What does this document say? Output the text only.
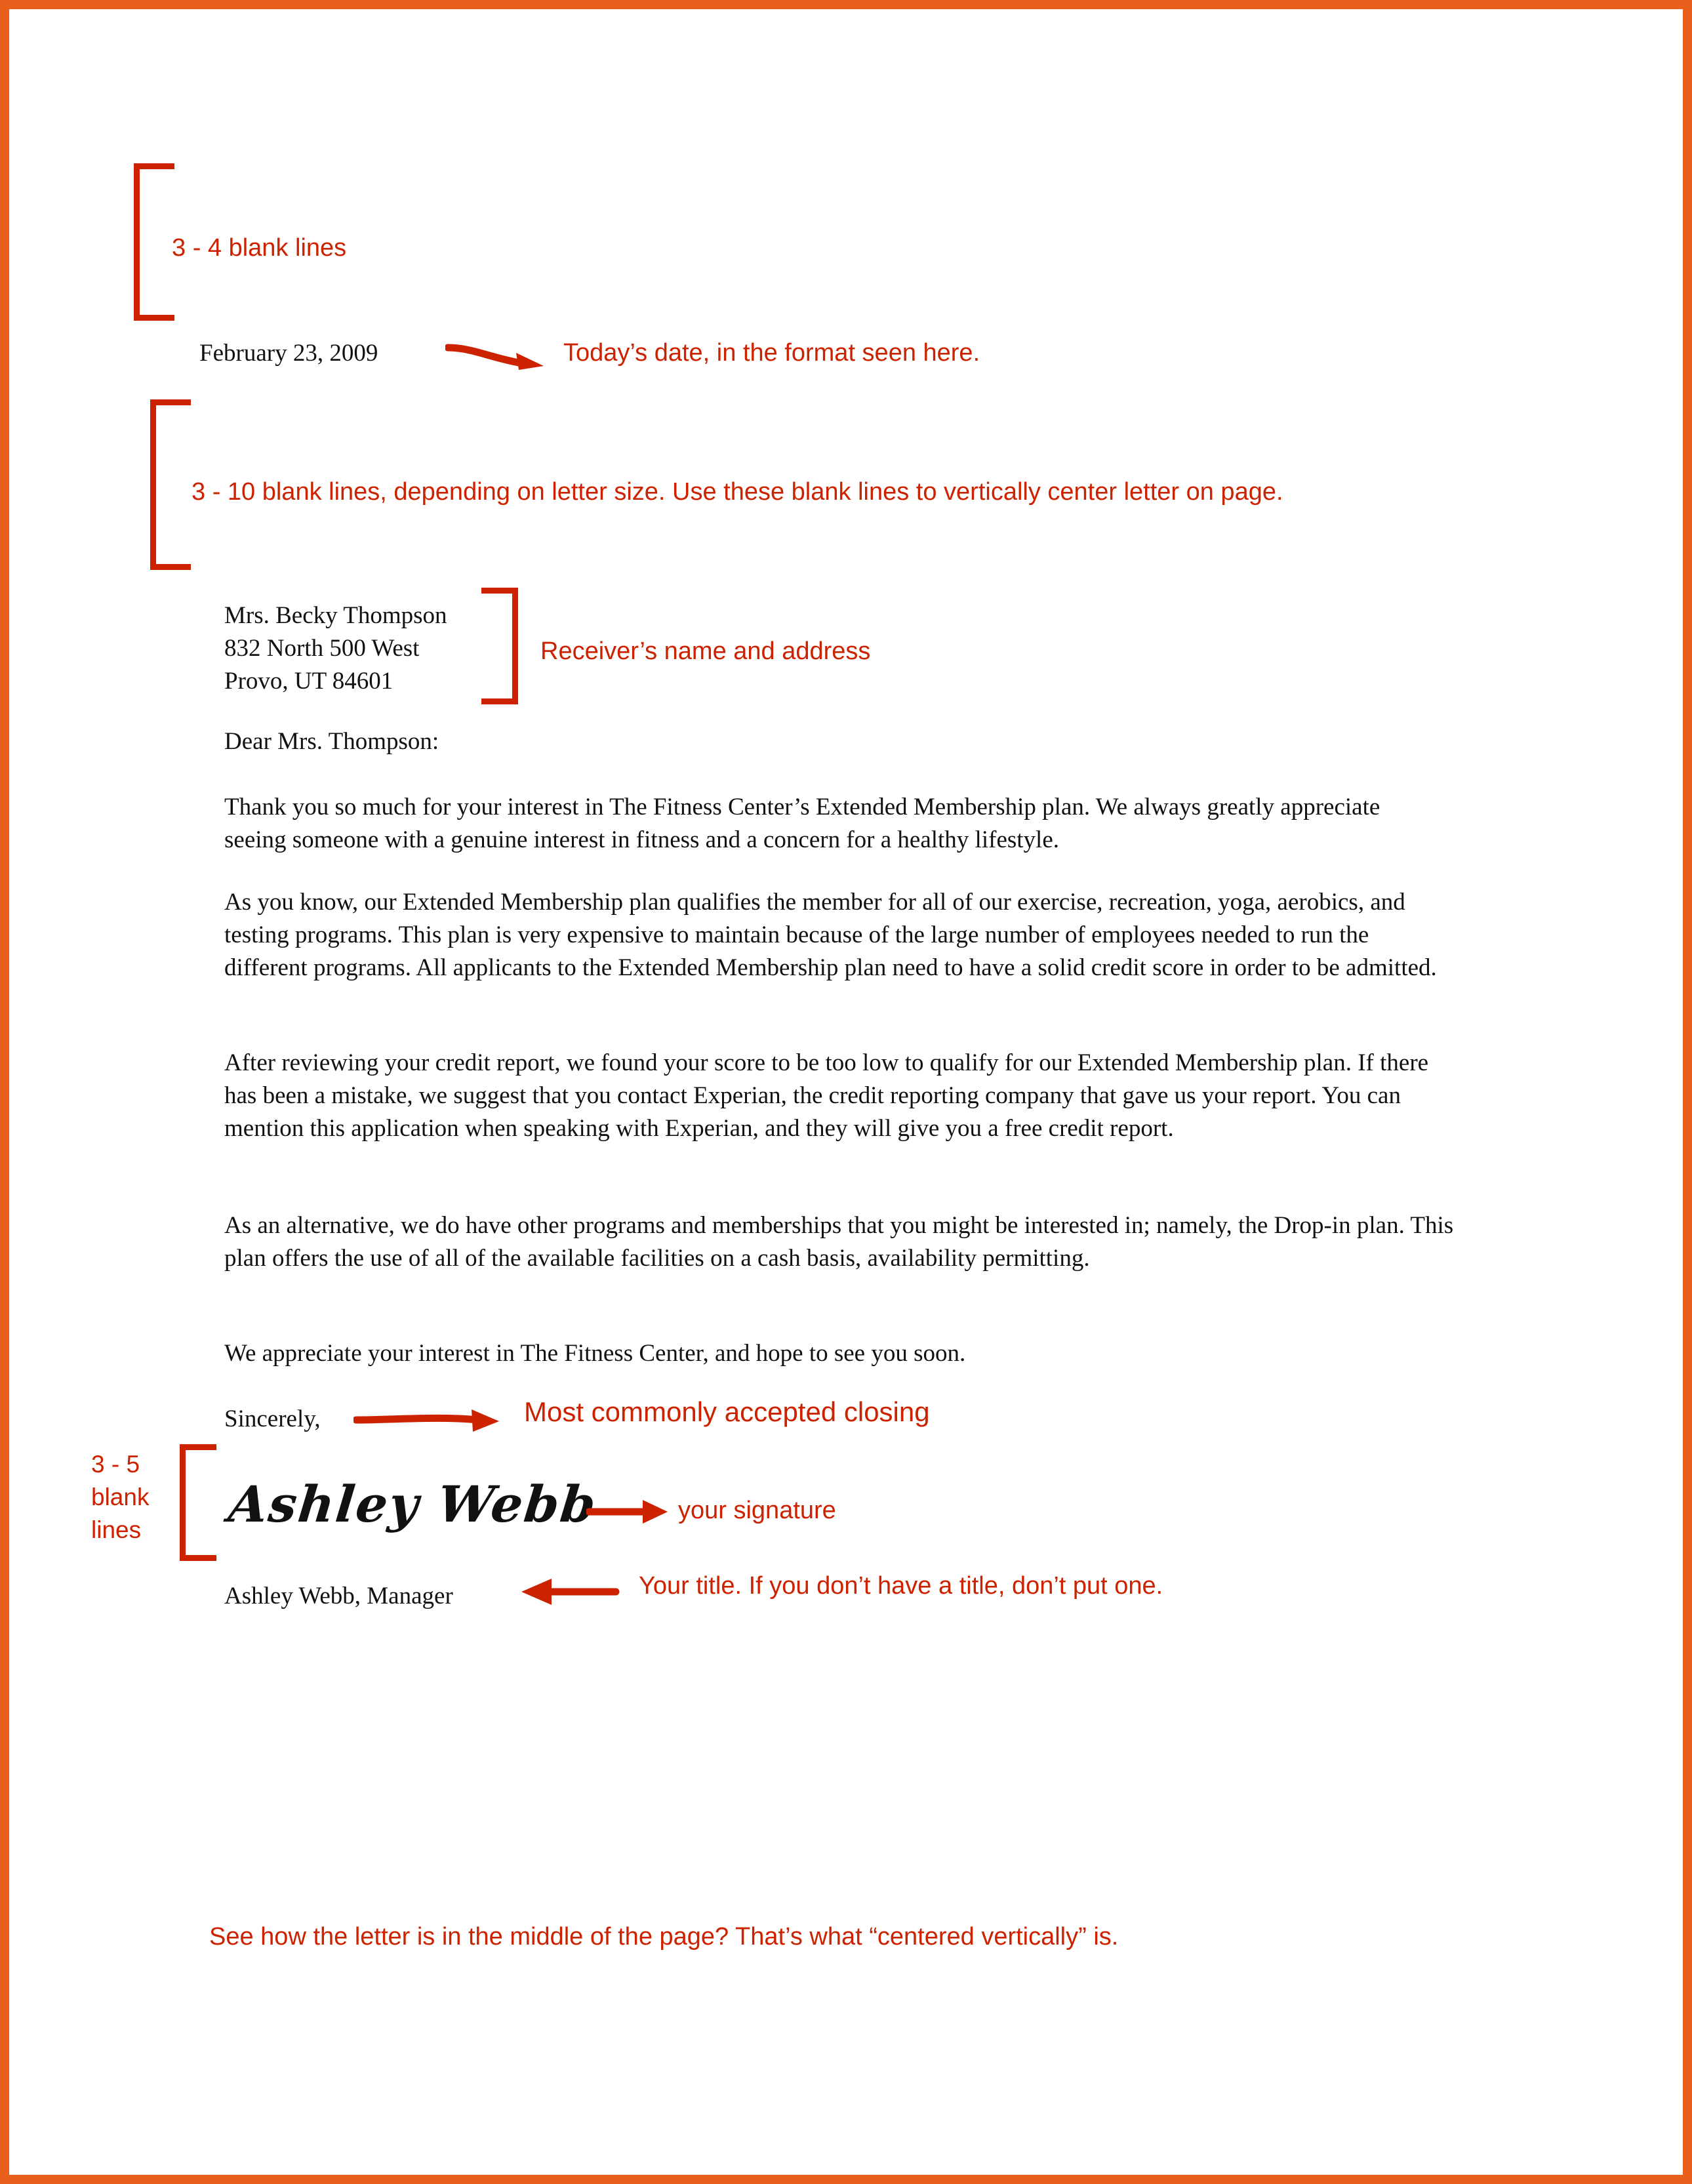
3 - 4 blank lines
February 23, 2009	Today’s date, in the format seen here.
3 - 10 blank lines, depending on letter size. Use these blank lines to vertically center letter on page.
Mrs. Becky Thompson
832 North 500 West
Provo, UT 84601
Receiver’s name and address
Dear Mrs. Thompson:
Thank you so much for your interest in The Fitness Center’s Extended Membership plan. We always greatly appreciate seeing someone with a genuine interest in fitness and a concern for a healthy lifestyle.
As you know, our Extended Membership plan qualifies the member for all of our exercise, recreation, yoga, aerobics, and testing programs. This plan is very expensive to maintain because of the large number of employees needed to run the different programs. All applicants to the Extended Membership plan need to have a solid credit score in order to be admitted.
After reviewing your credit report, we found your score to be too low to qualify for our Extended Membership plan. If there has been a mistake, we suggest that you contact Experian, the credit reporting company that gave us your report. You can mention this application when speaking with Experian, and they will give you a free credit report.
As an alternative, we do have other programs and memberships that you might be interested in; namely, the Drop-in plan. This plan offers the use of all of the available facilities on a cash basis, availability permitting.
We appreciate your interest in The Fitness Center, and hope to see you soon.
Sincerely,	Most commonly accepted closing
3 - 5
blank
lines Ashley Webb	your signature
Ashley Webb, Manager	Your title. If you don’t have a title, don’t put one.
See how the letter is in the middle of the page? That’s what “centered vertically” is.
